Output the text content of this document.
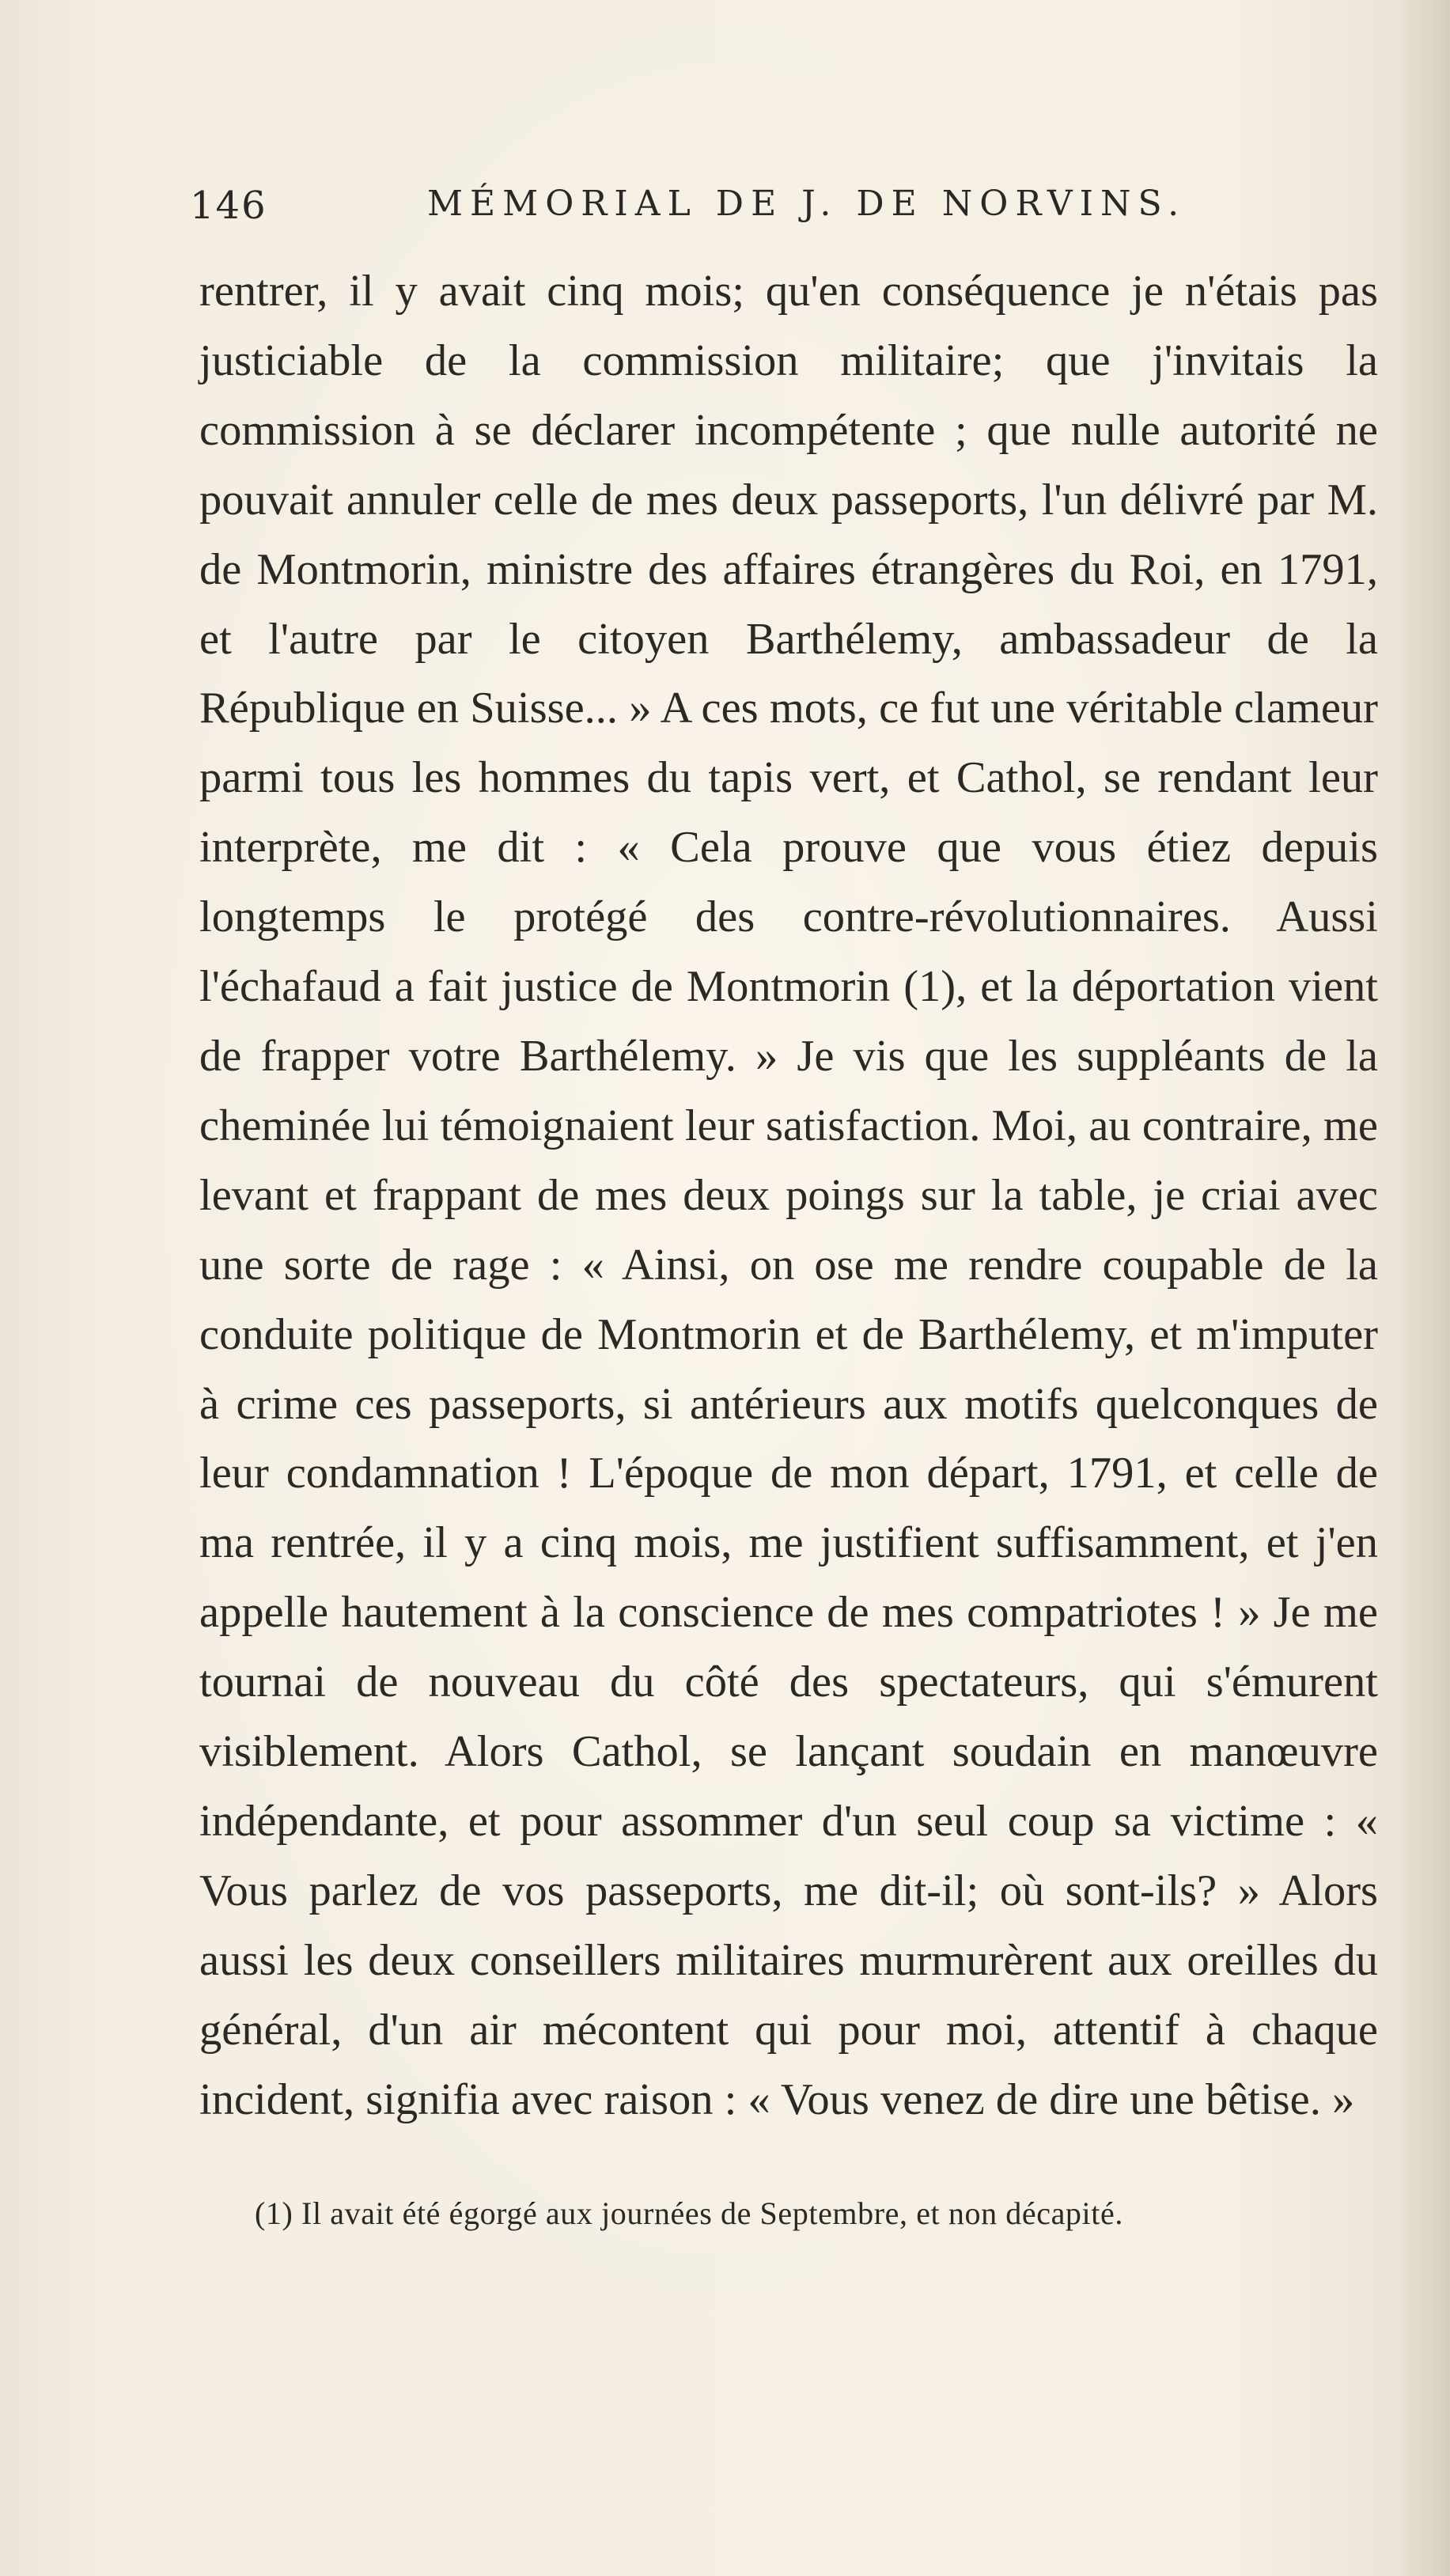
146	MÉMORIAL DE J. DE NORVINS.

rentrer, il y avait cinq mois; qu'en conséquence je n'étais pas justiciable de la commission militaire; que j'invitais la commission à se déclarer incompétente ; que nulle autorité ne pouvait annuler celle de mes deux passeports, l'un délivré par M. de Montmorin, ministre des affaires étrangères du Roi, en 1791, et l'autre par le citoyen Barthélemy, ambassadeur de la République en Suisse... » A ces mots, ce fut une véritable clameur parmi tous les hommes du tapis vert, et Cathol, se rendant leur interprète, me dit : « Cela prouve que vous étiez depuis longtemps le protégé des contre-révolutionnaires. Aussi l'échafaud a fait justice de Montmorin (1), et la déportation vient de frapper votre Barthélemy. » Je vis que les suppléants de la cheminée lui témoignaient leur satisfaction. Moi, au contraire, me levant et frappant de mes deux poings sur la table, je criai avec une sorte de rage : « Ainsi, on ose me rendre coupable de la conduite politique de Montmorin et de Barthélemy, et m'imputer à crime ces passeports, si antérieurs aux motifs quelconques de leur condamnation ! L'époque de mon départ, 1791, et celle de ma rentrée, il y a cinq mois, me justifient suffisamment, et j'en appelle hautement à la conscience de mes compatriotes ! » Je me tournai de nouveau du côté des spectateurs, qui s'émurent visiblement. Alors Cathol, se lançant soudain en manœuvre indépendante, et pour assommer d'un seul coup sa victime : « Vous parlez de vos passeports, me dit-il; où sont-ils? » Alors aussi les deux conseillers militaires murmurèrent aux oreilles du général, d'un air mécontent qui pour moi, attentif à chaque incident, signifia avec raison : « Vous venez de dire une bêtise. »

(1) Il avait été égorgé aux journées de Septembre, et non décapité.
